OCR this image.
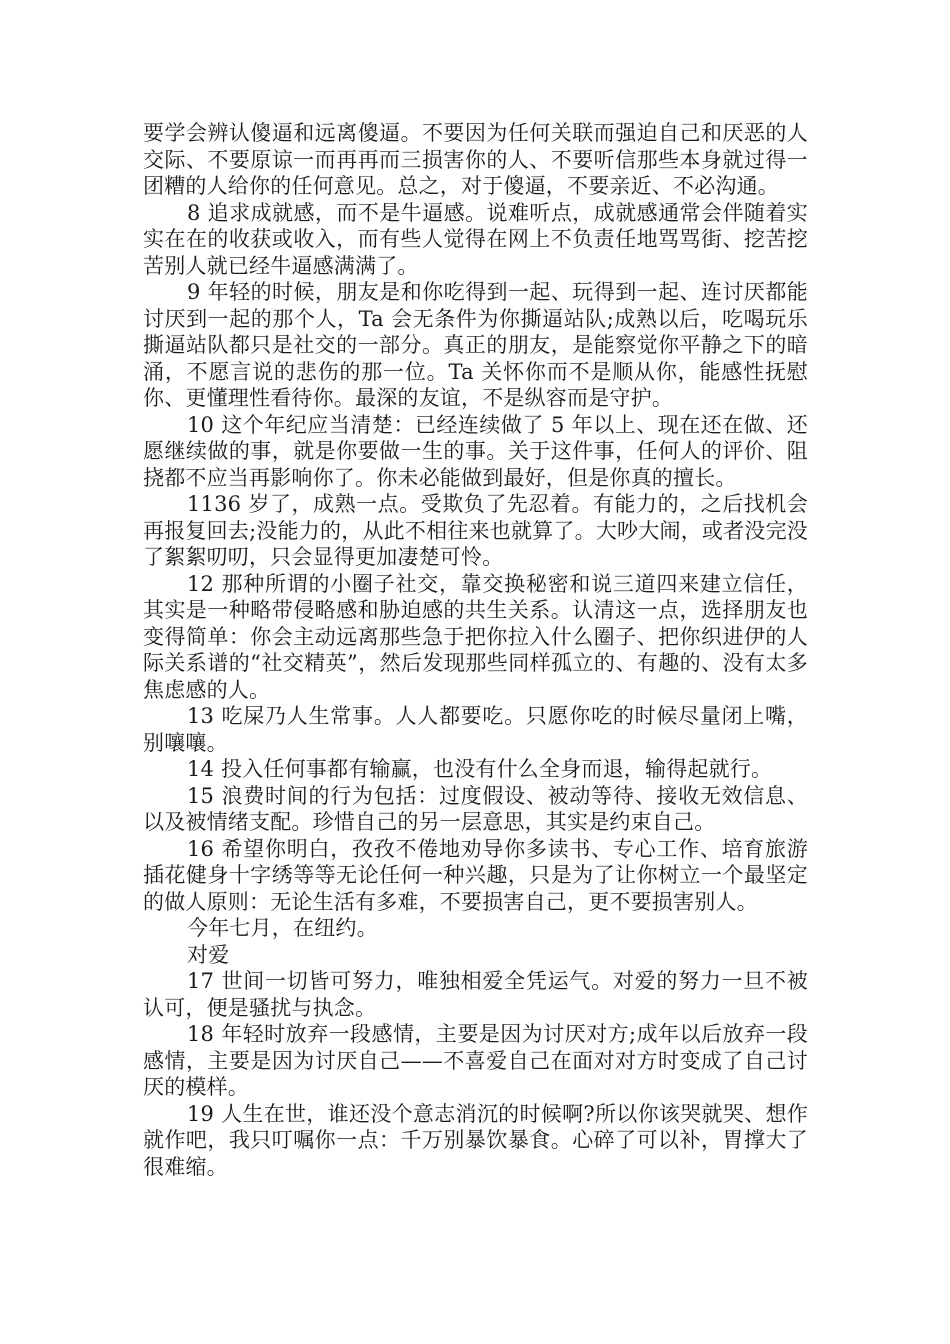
要学会辨认傻逼和远离傻逼。不要因为任何关联而强迫自己和厌恶的人交际、不要原谅一而再再而三损害你的人、不要听信那些本身就过得一团糟的人给你的任何意见。总之，对于傻逼，不要亲近、不必沟通。

8 追求成就感，而不是牛逼感。说难听点，成就感通常会伴随着实实在在的收获或收入，而有些人觉得在网上不负责任地骂骂街、挖苦挖苦别人就已经牛逼感满满了。

9 年轻的时候，朋友是和你吃得到一起、玩得到一起、连讨厌都能讨厌到一起的那个人，Ta 会无条件为你撕逼站队;成熟以后，吃喝玩乐撕逼站队都只是社交的一部分。真正的朋友，是能察觉你平静之下的暗涌，不愿言说的悲伤的那一位。Ta 关怀你而不是顺从你，能感性抚慰你、更懂理性看待你。最深的友谊，不是纵容而是守护。

10 这个年纪应当清楚：已经连续做了 5 年以上、现在还在做、还愿继续做的事，就是你要做一生的事。关于这件事，任何人的评价、阻挠都不应当再影响你了。你未必能做到最好，但是你真的擅长。

1136 岁了，成熟一点。受欺负了先忍着。有能力的，之后找机会再报复回去;没能力的，从此不相往来也就算了。大吵大闹，或者没完没了絮絮叨叨，只会显得更加凄楚可怜。

12 那种所谓的小圈子社交，靠交换秘密和说三道四来建立信任，其实是一种略带侵略感和胁迫感的共生关系。认清这一点，选择朋友也变得简单：你会主动远离那些急于把你拉入什么圈子、把你织进伊的人际关系谱的“社交精英”，然后发现那些同样孤立的、有趣的、没有太多焦虑感的人。

13 吃屎乃人生常事。人人都要吃。只愿你吃的时候尽量闭上嘴，别嚷嚷。

14 投入任何事都有输赢，也没有什么全身而退，输得起就行。

15 浪费时间的行为包括：过度假设、被动等待、接收无效信息、以及被情绪支配。珍惜自己的另一层意思，其实是约束自己。

16 希望你明白，孜孜不倦地劝导你多读书、专心工作、培育旅游插花健身十字绣等等无论任何一种兴趣，只是为了让你树立一个最坚定的做人原则：无论生活有多难，不要损害自己，更不要损害别人。

今年七月，在纽约。

对爱

17 世间一切皆可努力，唯独相爱全凭运气。对爱的努力一旦不被认可，便是骚扰与执念。

18 年轻时放弃一段感情，主要是因为讨厌对方;成年以后放弃一段感情，主要是因为讨厌自己——不喜爱自己在面对对方时变成了自己讨厌的模样。

19 人生在世，谁还没个意志消沉的时候啊?所以你该哭就哭、想作就作吧，我只叮嘱你一点：千万别暴饮暴食。心碎了可以补，胃撑大了很难缩。
